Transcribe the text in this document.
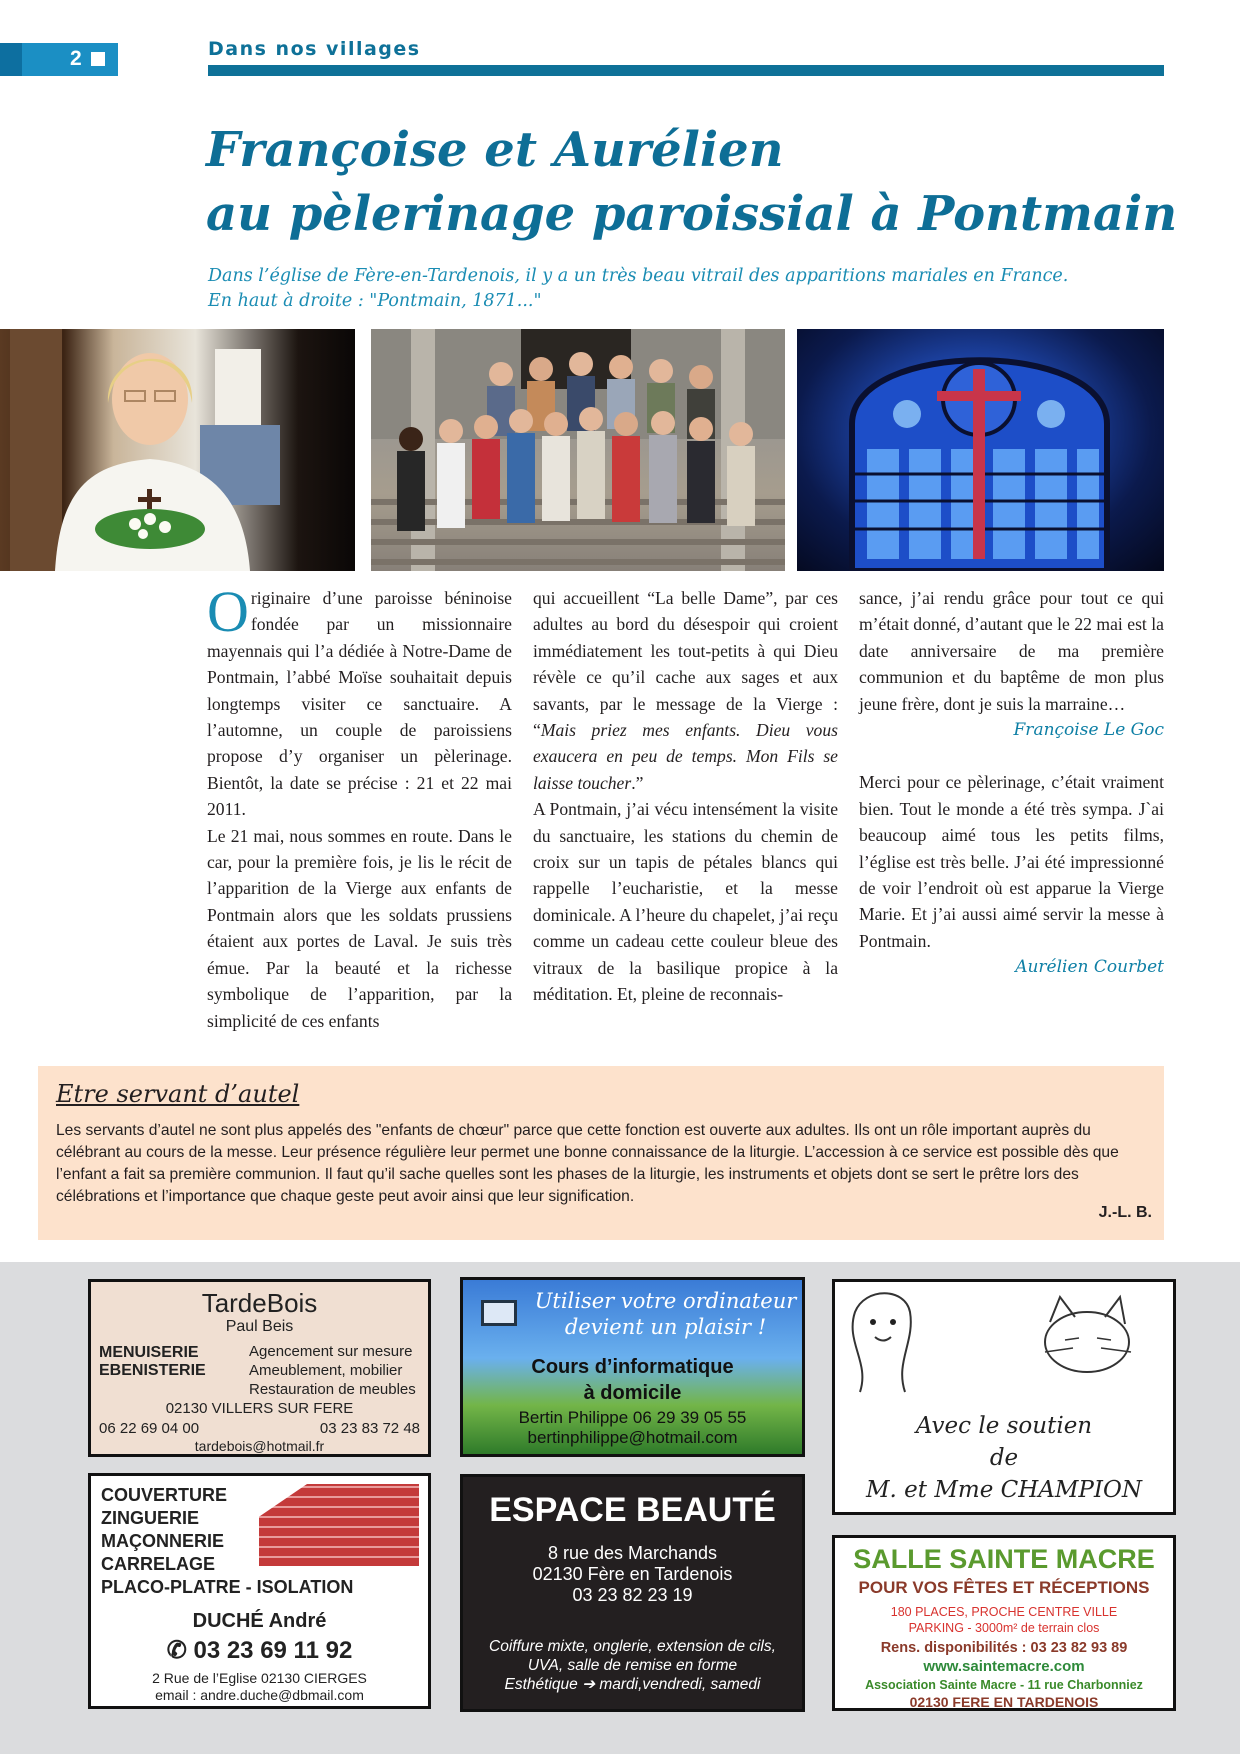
2	Dans nos villages
Françoise et Aurélien
au pèlerinage paroissial à Pontmain
Dans l’église de Fère-en-Tardenois, il y a un très beau vitrail des apparitions mariales en France.
En haut à droite : "Pontmain, 1871..."

Originaire d’une paroisse béninoise fondée par un missionnaire mayennais qui l’a dédiée à Notre-Dame de Pontmain, l’abbé Moïse souhaitait depuis longtemps visiter ce sanctuaire. A l’automne, un couple de paroissiens propose d’y organiser un pèlerinage. Bientôt, la date se précise : 21 et 22 mai 2011.

Le 21 mai, nous sommes en route. Dans le car, pour la première fois, je lis le récit de l’apparition de la Vierge aux enfants de Pontmain alors que les soldats prussiens étaient aux portes de Laval. Je suis très émue. Par la beauté et la richesse symbolique de l’apparition, par la simplicité de ces enfants

qui accueillent “La belle Dame”, par ces adultes au bord du désespoir qui croient immédiatement les tout-petits à qui Dieu révèle ce qu’il cache aux sages et aux savants, par le message de la Vierge : “Mais priez mes enfants. Dieu vous exaucera en peu de temps. Mon Fils se laisse toucher.”

A Pontmain, j’ai vécu intensément la visite du sanctuaire, les stations du chemin de croix sur un tapis de pétales blancs qui rappelle l’eucharistie, et la messe dominicale. A l’heure du chapelet, j’ai reçu comme un cadeau cette couleur bleue des vitraux de la basilique propice à la méditation. Et, pleine de reconnais-

sance, j’ai rendu grâce pour tout ce qui m’était donné, d’autant que le 22 mai est la date anniversaire de ma première communion et du baptême de mon plus jeune frère, dont je suis la marraine…

Françoise Le Goc

Merci pour ce pèlerinage, c’était vraiment bien. Tout le monde a été très sympa. J`ai beaucoup aimé tous les petits films, l’église est très belle. J’ai été impressionné de voir l’endroit où est apparue la Vierge Marie. Et j’ai aussi aimé servir la messe à Pontmain.

Aurélien Courbet
Etre servant d’autel
Les servants d’autel ne sont plus appelés des "enfants de chœur" parce que cette fonction est ouverte aux adultes. Ils ont un rôle important auprès du célébrant au cours de la messe. Leur présence régulière leur permet une bonne connaissance de la liturgie. L’accession à ce service est possible dès que l’enfant a fait sa première communion. Il faut qu’il sache quelles sont les phases de la liturgie, les instruments et objets dont se sert le prêtre lors des célébrations et l’importance que chaque geste peut avoir ainsi que leur signification.
J.-L. B.
TardeBois
Paul Beis
MENUISERIE
EBENISTERIE
Agencement sur mesure
Ameublement, mobilier
Restauration de meubles
02130 VILLERS SUR FERE
06 22 69 04 00	03 23 83 72 48
tardebois@hotmail.fr
Utiliser votre ordinateur
devient un plaisir !
Cours d’informatique
à domicile
Bertin Philippe 06 29 39 05 55
bertinphilippe@hotmail.com	Avec le soutien
de
M. et Mme CHAMPION
COUVERTURE
ZINGUERIE
MAÇONNERIE
CARRELAGE
PLACO-PLATRE - ISOLATION
DUCHÉ André
✆ 03 23 69 11 92
2 Rue de l’Eglise 02130 CIERGES
email : andre.duche@dbmail.com
ESPACE BEAUTÉ
8 rue des Marchands
02130 Fère en Tardenois
03 23 82 23 19
Coiffure mixte, onglerie, extension de cils,
UVA, salle de remise en forme
Esthétique ➔ mardi,vendredi, samedi
SALLE SAINTE MACRE
POUR VOS FÊTES ET RÉCEPTIONS
180 PLACES, PROCHE CENTRE VILLE
PARKING - 3000m² de terrain clos
Rens. disponibilités : 03 23 82 93 89
www.saintemacre.com
Association Sainte Macre - 11 rue Charbonniez
02130 FERE EN TARDENOIS
